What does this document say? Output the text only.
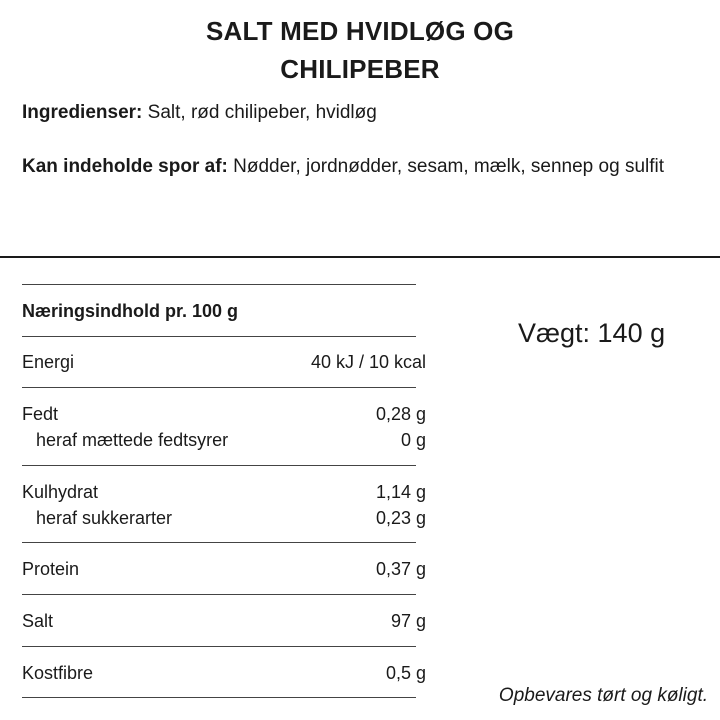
SALT MED HVIDLØG OG
CHILIPEBER
Ingredienser: Salt, rød chilipeber, hvidløg
Kan indeholde spor af: Nødder, jordnødder, sesam, mælk, sennep og sulfit
Næringsindhold pr. 100 g
Energi	40 kJ / 10 kcal
Fedt	0,28 g
heraf mættede fedtsyrer	0 g
Kulhydrat	1,14 g
heraf sukkerarter	0,23 g
Protein	0,37 g
Salt	97 g
Kostfibre	0,5 g
Vægt: 140 g
Opbevares tørt og køligt.
